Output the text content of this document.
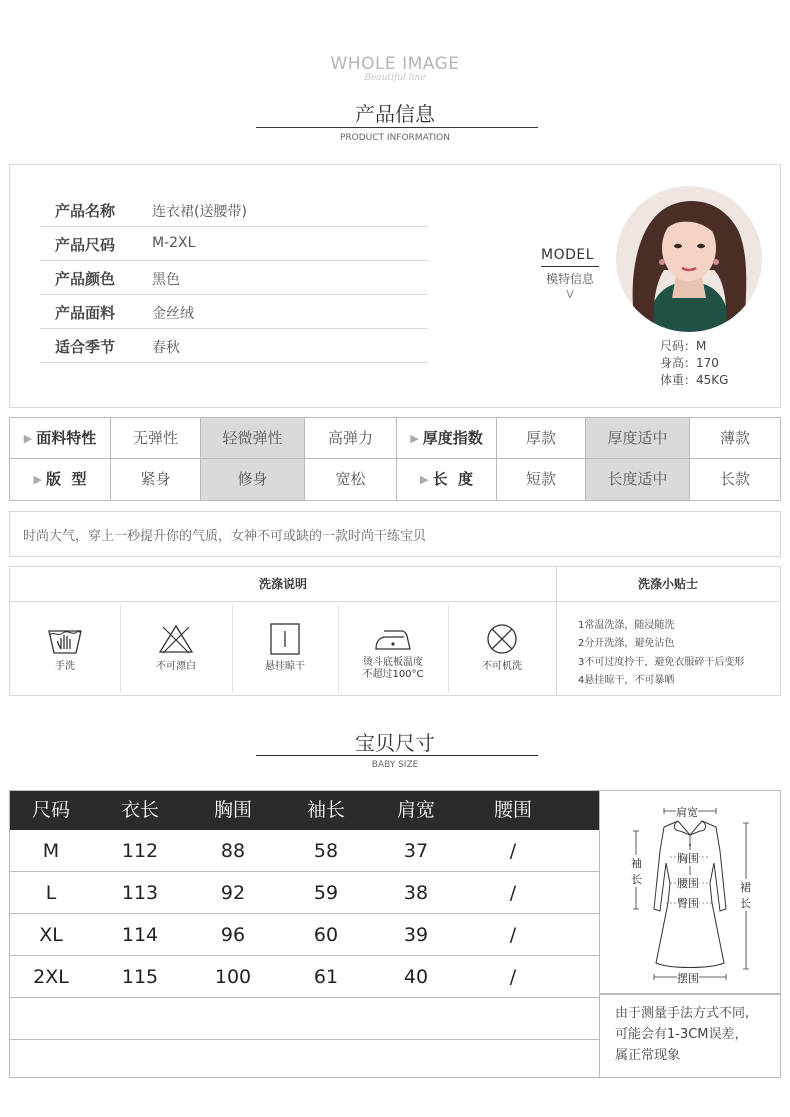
WHOLE IMAGE
Beautiful line
产品信息
PRODUCT INFORMATION
产品名称	连衣裙(送腰带)
产品尺码	M-2XL
产品颜色	黑色
产品面料	金丝绒
适合季节	春秋
MODEL
模特信息
V
尺码：M
身高：170
体重：45KG
▶ 面料特性	无弹性	轻微弹性	高弹力	▶ 厚度指数	厚款	厚度适中	薄款
▶ 版  型	紧身	修身	宽松	▶ 长  度	短款	长度适中	长款
时尚大气，穿上一秒提升你的气质，女神不可或缺的一款时尚干练宝贝
洗涤说明	洗涤小贴士
手洗	不可漂白	悬挂晾干	烫斗底板温度
不超过100°C
不可机洗
1常温洗涤，随浸随洗
2分开洗涤，避免沾色
3不可过度拎干，避免衣服碎干后变形
4悬挂晾干，不可暴晒
宝贝尺寸
BABY SIZE
尺码	衣长	胸围	袖长	肩宽	腰围
M	112	88	58	37	/
L	113	92	59	38	/
XL	114	96	60	39	/
2XL	115	100	61	40	/
肩宽
袖
长
胸围
腰围
臀围
裙
长
摆围
由于测量手法方式不同,
可能会有1-3CM误差，
属正常现象
